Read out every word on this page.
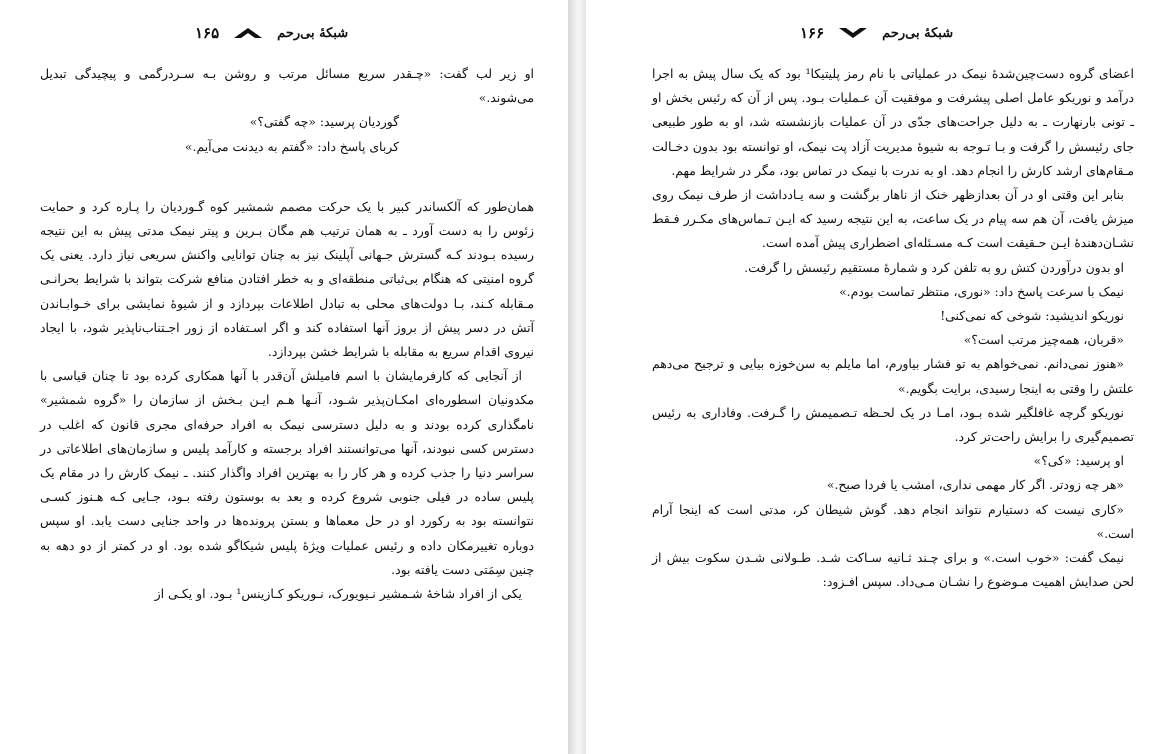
شبکهٔ بی‌رحم
۱۶۵

او زیر لب گفت: «چـقدر سریع مسائل مرتب و روشن بـه سـردرگمی و پیچیدگی تبدیل می‌شوند.»

گوردیان پرسید: «چه گفتی؟»

کربای پاسخ داد: «گفتم به دیدنت می‌آیم.»

همان‌طور که آلکساندر کبیر با یک حرکت مصمم شمشیر کوه گـوردیان را پـاره کرد و حمایت زئوس را به دست آورد ـ به همان ترتیب هم مگان بـرین و پیتر نیمک مدتی پیش به این نتیجه رسیده بـودند کـه گسترش جـهانی آپلینک نیز به چنان توانایی واکنش سریعی نیاز دارد. یعنی یک گروه امنیتی که هنگام بی‌ثباتی منطقه‌ای و به خطر افتادن منافع شرکت بتواند با شرایط بحرانـی مـقابله کـند، بـا دولت‌های محلی به تبادل اطلاعات بپردازد و از شیوهٔ نمایشی برای خـوابـاندن آتش در دسر پیش از بروز آنها استفاده کند و اگر اسـتفاده از زور اجـتناب‌ناپذیر شود، با ایجاد نیروی اقدام سریع به مقابله با شرایط خشن بپردازد.

از آنجایی که کارفرمایشان با اسم فامیلش آن‌قدر با آنها همکاری کرده بود تا چنان قیاسی با مکدونیان اسطوره‌ای امکـان‌پذیر شـود، آنـها هـم ایـن بـخش از سازمان را «گروه شمشیر» نامگذاری کرده بودند و به دلیل دسترسی نیمک به افراد حرفه‌ای مجری قانون که اغلب در دسترس کسی نبودند، آنها می‌توانستند افراد برجسته و کارآمد پلیس و سازمان‌های اطلاعاتی در سراسر دنیا را جذب کرده و هر کار را به بهترین افراد واگذار کنند. ـ نیمک کارش را در مقام یک پلیس ساده در فیلی جنوبی شروع کرده و بعد به بوستون رفته بـود، جـایی کـه هـنوز کسـی نتوانسته بود به رکورد او در حل معماها و بستن پرونده‌ها در واحد جنایی دست یابد. او سپس دوباره تغییرمکان داده و رئیس عملیات ویژهٔ پلیس شیکاگو شده بود. او در کمتر از دو دهه به چنین سِمَتی دست یافته بود.

یکی از افراد شاخهٔ شـمشیر نـیویورک، نـوریکو کـازینس¹ بـود. او یکـی از

شبکهٔ بی‌رحم
۱۶۶

اعضای گروه دست‌چین‌شدهٔ نیمک در عملیاتی با نام رمز پلیتیکا¹ بود که یک سال پیش به اجرا درآمد و نوریکو عامل اصلی پیشرفت و موفقیت آن عـملیات بـود. پس از آن که رئیس بخش او ـ تونی بارنهارت ـ به دلیل جراحت‌های جدّی در آن عملیات بازنشسته شد، او به طور طبیعی جای رئیسش را گرفت و بـا تـوجه به شیوهٔ مدیریت آزاد پت نیمک، او توانسته بود بدون دخـالت مـقام‌های ارشد کارش را انجام دهد. او به ندرت با نیمک در تماس بود، مگر در شرایط مهم.

بنابر این وقتی او در آن بعدازظهر خنک از ناهار برگشت و سه یـادداشت از طرف نیمک روی میزش یافت، آن هم سه پیام در یک ساعت، به این نتیجه رسید که ایـن تـماس‌های مکـرر فـقط نشـان‌دهندهٔ ایـن حـقیقت است کـه مسـئله‌ای اضطراری پیش آمده است.

او بدون درآوردن کتش رو به تلفن کرد و شمارهٔ مستقیم رئیسش را گرفت.

نیمک با سرعت پاسخ داد: «نوری، منتظر تماست بودم.»

نوریکو اندیشید: شوخی که نمی‌کنی!

«قربان، همه‌چیز مرتب است؟»

«هنوز نمی‌دانم. نمی‌خواهم به تو فشار بیاورم، اما مایلم به سن‌خوزه بیایی و ترجیح می‌دهم علتش را وقتی به اینجا رسیدی، برایت بگویم.»

نوریکو گرچه غافلگیر شده بـود، امـا در یک لحـظه تـصمیمش را گـرفت. وفاداری به رئیس تصمیم‌گیری را برایش راحت‌تر کرد.

او پرسید: «کی؟»

«هر چه زودتر. اگر کار مهمی نداری، امشب یا فردا صبح.»

«کاری نیست که دستیارم نتواند انجام دهد. گوش شیطان کر، مدتی است که اینجا آرام است.»

نیمک گفت: «خوب است.» و برای چـند ثـانیه سـاکت شـد. طـولانی شـدن سکوت بیش از لحن صدایش اهمیت مـوضوع را نشـان مـی‌داد. سپس افـزود:
